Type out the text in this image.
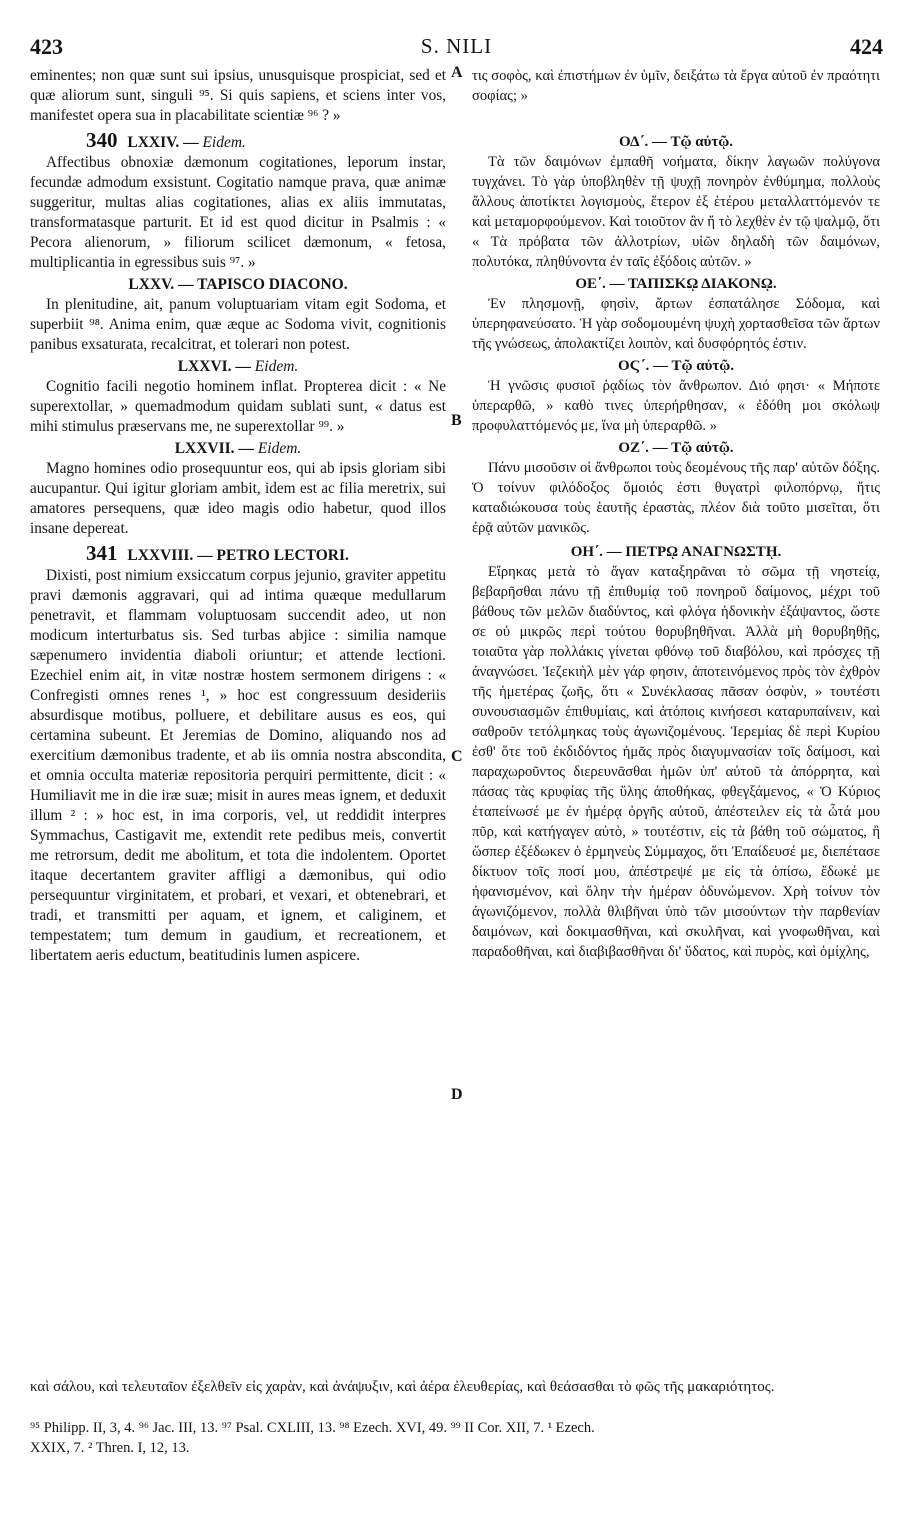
423	S. NILI	424
A
B
C
D

eminentes; non quæ sunt sui ipsius, unusquisque prospiciat, sed et quæ aliorum sunt, singuli ⁹⁵. Si quis sapiens, et sciens inter vos, manifestet opera sua in placabilitate scientiæ ⁹⁶ ? »

340 LXXIV. — Eidem.

Affectibus obnoxiæ dæmonum cogitationes, leporum instar, fecundæ admodum exsistunt. Cogitatio namque prava, quæ animæ suggeritur, multas alias cogitationes, alias ex aliis immutatas, transformatasque parturit. Et id est quod dicitur in Psalmis : « Pecora alienorum, » filiorum scilicet dæmonum, « fetosa, multiplicantia in egressibus suis ⁹⁷. »

LXXV. — TAPISCO DIACONO.

In plenitudine, ait, panum voluptuariam vitam egit Sodoma, et superbiit ⁹⁸. Anima enim, quæ æque ac Sodoma vivit, cognitionis panibus exsaturata, recalcitrat, et tolerari non potest.

LXXVI. — Eidem.

Cognitio facili negotio hominem inflat. Propterea dicit : « Ne superextollar, » quemadmodum quidam sublati sunt, « datus est mihi stimulus præservans me, ne superextollar ⁹⁹. »

LXXVII. — Eidem.

Magno homines odio prosequuntur eos, qui ab ipsis gloriam sibi aucupantur. Qui igitur gloriam ambit, idem est ac filia meretrix, sui amatores persequens, quæ ideo magis odio habetur, quod illos insane depereat.

341 LXXVIII. — PETRO LECTORI.

Dixisti, post nimium exsiccatum corpus jejunio, graviter appetitu pravi dæmonis aggravari, qui ad intima quæque medullarum penetravit, et flammam voluptuosam succendit adeo, ut non modicum interturbatus sis. Sed turbas abjice : similia namque sæpenumero invidentia diaboli oriuntur; et attende lectioni. Ezechiel enim ait, in vitæ nostræ hostem sermonem dirigens : « Confregisti omnes renes ¹, » hoc est congressuum desideriis absurdisque motibus, polluere, et debilitare ausus es eos, qui certamina subeunt. Et Jeremias de Domino, aliquando nos ad exercitium dæmonibus tradente, et ab iis omnia nostra abscondita, et omnia occulta materiæ repositoria perquiri permittente, dicit : « Humiliavit me in die iræ suæ; misit in aures meas ignem, et deduxit illum ² : » hoc est, in ima corporis, vel, ut reddidit interpres Symmachus, Castigavit me, extendit rete pedibus meis, convertit me retrorsum, dedit me abolitum, et tota die indolentem. Oportet itaque decertantem graviter affligi a dæmonibus, qui odio persequuntur virginitatem, et probari, et vexari, et obtenebrari, et tradi, et transmitti per aquam, et ignem, et caliginem, et tempestatem; tum demum in gaudium, et recreationem, et libertatem aeris eductum, beatitudinis lumen aspicere.

τις σοφὸς, καὶ ἐπιστήμων ἐν ὑμῖν, δειξάτω τὰ ἔργα αὐτοῦ ἐν πραότητι σοφίας; »

ΟΔ΄. — Τῷ αὐτῷ.

Τὰ τῶν δαιμόνων ἐμπαθῆ νοήματα, δίκην λαγωῶν πολύγονα τυγχάνει. Τὸ γὰρ ὑποβληθὲν τῇ ψυχῇ πονηρὸν ἐνθύμημα, πολλοὺς ἄλλους ἀποτίκτει λογισμοὺς, ἕτερον ἐξ ἑτέρου μεταλλαττόμενόν τε καὶ μεταμορφούμενον. Καὶ τοιοῦτον ἂν ἤ τὸ λεχθὲν ἐν τῷ ψαλμῷ, ὅτι « Τὰ πρόβατα τῶν ἀλλοτρίων, υἱῶν δηλαδὴ τῶν δαιμόνων, πολυτόκα, πληθύνοντα ἐν ταῖς ἐξόδοις αὐτῶν. »

ΟΕ΄. — ΤΑΠΙΣΚῼ ΔΙΑΚΟΝῼ.

Ἐν πλησμονῇ, φησὶν, ἄρτων ἐσπατάλησε Σόδομα, καὶ ὑπερηφανεύσατο. Ἡ γὰρ σοδομουμένη ψυχὴ χορτασθεῖσα τῶν ἄρτων τῆς γνώσεως, ἀπολακτίζει λοιπὸν, καὶ δυσφόρητός ἐστιν.

ΟϚ΄. — Τῷ αὐτῷ.

Ἡ γνῶσις φυσιοῖ ῥᾳδίως τὸν ἄνθρωπον. Διό φησι· « Μήποτε ὑπεραρθῶ, » καθὸ τινες ὑπερήρθησαν, « ἐδόθη μοι σκόλωψ προφυλαττόμενός με, ἵνα μὴ ὑπεραρθῶ. »

ΟΖ΄. — Τῷ αὐτῷ.

Πάνυ μισοῦσιν οἱ ἄνθρωποι τοὺς δεομένους τῆς παρ' αὐτῶν δόξης. Ὁ τοίνυν φιλόδοξος ὅμοιός ἐστι θυγατρὶ φιλοπόρνῳ, ἥτις καταδιώκουσα τοὺς ἑαυτῆς ἐραστὰς, πλέον διὰ τοῦτο μισεῖται, ὅτι ἐρᾷ αὐτῶν μανικῶς.

ΟΗ΄. — ΠΕΤΡῼ ΑΝΑΓΝΩΣΤῌ.

Εἴρηκας μετὰ τὸ ἄγαν καταξηρᾶναι τὸ σῶμα τῇ νηστείᾳ, βεβαρῆσθαι πάνυ τῇ ἐπιθυμίᾳ τοῦ πονηροῦ δαίμονος, μέχρι τοῦ βάθους τῶν μελῶν διαδύντος, καὶ φλόγα ἡδονικὴν ἐξάψαντος, ὥστε σε οὐ μικρῶς περὶ τούτου θορυβηθῆναι. Ἀλλὰ μὴ θορυβηθῇς, τοιαῦτα γὰρ πολλάκις γίνεται φθόνῳ τοῦ διαβόλου, καὶ πρόσχες τῇ ἀναγνώσει. Ἰεζεκιὴλ μὲν γάρ φησιν, ἀποτεινόμενος πρὸς τὸν ἐχθρὸν τῆς ἡμετέρας ζωῆς, ὅτι « Συνέκλασας πᾶσαν ὀσφὺν, » τουτέστι συνουσιασμῶν ἐπιθυμίαις, καὶ ἀτόποις κινήσεσι καταρυπαίνειν, καὶ σαθροῦν τετόλμηκας τοὺς ἀγωνιζομένους. Ἱερεμίας δὲ περὶ Κυρίου ἐσθ' ὅτε τοῦ ἐκδιδόντος ἡμᾶς πρὸς διαγυμνασίαν τοῖς δαίμοσι, καὶ παραχωροῦντος διερευνᾶσθαι ἡμῶν ὑπ' αὐτοῦ τὰ ἀπόρρητα, καὶ πάσας τὰς κρυφίας τῆς ὕλης ἀποθήκας, φθεγξάμενος, « Ὁ Κύριος ἐταπείνωσέ με ἐν ἡμέρᾳ ὀργῆς αὐτοῦ, ἀπέστειλεν εἰς τὰ ὦτά μου πῦρ, καὶ κατήγαγεν αὐτὸ, » τουτέστιν, εἰς τὰ βάθη τοῦ σώματος, ἢ ὥσπερ ἐξέδωκεν ὁ ἑρμηνεὺς Σύμμαχος, ὅτι Ἐπαίδευσέ με, διεπέτασε δίκτυον τοῖς ποσί μου, ἀπέστρεψέ με εἰς τὰ ὀπίσω, ἔδωκέ με ἠφανισμένον, καὶ ὅλην τὴν ἡμέραν ὀδυνώμενον. Χρὴ τοίνυν τὸν ἀγωνιζόμενον, πολλὰ θλιβῆναι ὑπὸ τῶν μισούντων τὴν παρθενίαν δαιμόνων, καὶ δοκιμασθῆναι, καὶ σκυλῆναι, καὶ γνοφωθῆναι, καὶ παραδοθῆναι, καὶ διαβιβασθῆναι δι' ὕδατος, καὶ πυρὸς, καὶ ὁμίχλης,

καὶ σάλου, καὶ τελευταῖον ἐξελθεῖν εἰς χαρὰν, καὶ ἀνάψυξιν, καὶ ἀέρα ἐλευθερίας, καὶ θεάσασθαι τὸ φῶς τῆς μακαριότητος.

⁹⁵ Philipp. II, 3, 4. ⁹⁶ Jac. III, 13. ⁹⁷ Psal. CXLIII, 13. ⁹⁸ Ezech. XVI, 49. ⁹⁹ II Cor. XII, 7. ¹ Ezech.

XXIX, 7. ² Thren. I, 12, 13.
